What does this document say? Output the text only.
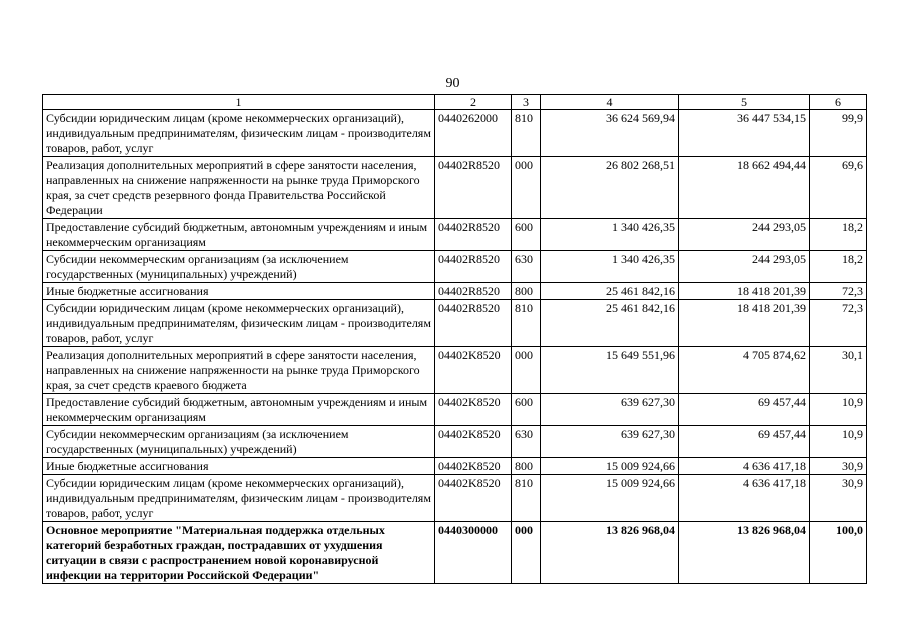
90
1	2	3	4	5	6
Субсидии юридическим лицам (кроме некоммерческих организаций), индивидуальным предпринимателям, физическим лицам - производителям товаров, работ, услуг	0440262000	810	36 624 569,94	36 447 534,15	99,9
Реализация дополнительных мероприятий в сфере занятости населения, направленных на снижение напряженности на рынке труда Приморского края, за счет средств резервного фонда Правительства Российской Федерации	04402R8520	000	26 802 268,51	18 662 494,44	69,6
Предоставление субсидий бюджетным, автономным учреждениям и иным некоммерческим организациям	04402R8520	600	1 340 426,35	244 293,05	18,2
Субсидии некоммерческим организациям (за исключением государственных (муниципальных) учреждений)	04402R8520	630	1 340 426,35	244 293,05	18,2
Иные бюджетные ассигнования	04402R8520	800	25 461 842,16	18 418 201,39	72,3
Субсидии юридическим лицам (кроме некоммерческих организаций), индивидуальным предпринимателям, физическим лицам - производителям товаров, работ, услуг	04402R8520	810	25 461 842,16	18 418 201,39	72,3
Реализация дополнительных мероприятий в сфере занятости населения, направленных на снижение напряженности на рынке труда Приморского края, за счет средств краевого бюджета	04402K8520	000	15 649 551,96	4 705 874,62	30,1
Предоставление субсидий бюджетным, автономным учреждениям и иным некоммерческим организациям	04402K8520	600	639 627,30	69 457,44	10,9
Субсидии некоммерческим организациям (за исключением государственных (муниципальных) учреждений)	04402K8520	630	639 627,30	69 457,44	10,9
Иные бюджетные ассигнования	04402K8520	800	15 009 924,66	4 636 417,18	30,9
Субсидии юридическим лицам (кроме некоммерческих организаций), индивидуальным предпринимателям, физическим лицам - производителям товаров, работ, услуг	04402K8520	810	15 009 924,66	4 636 417,18	30,9
Основное мероприятие "Материальная поддержка отдельных категорий безработных граждан, пострадавших от ухудшения ситуации в связи с распространением новой коронавирусной инфекции на территории Российской Федерации"	0440300000	000	13 826 968,04	13 826 968,04	100,0
